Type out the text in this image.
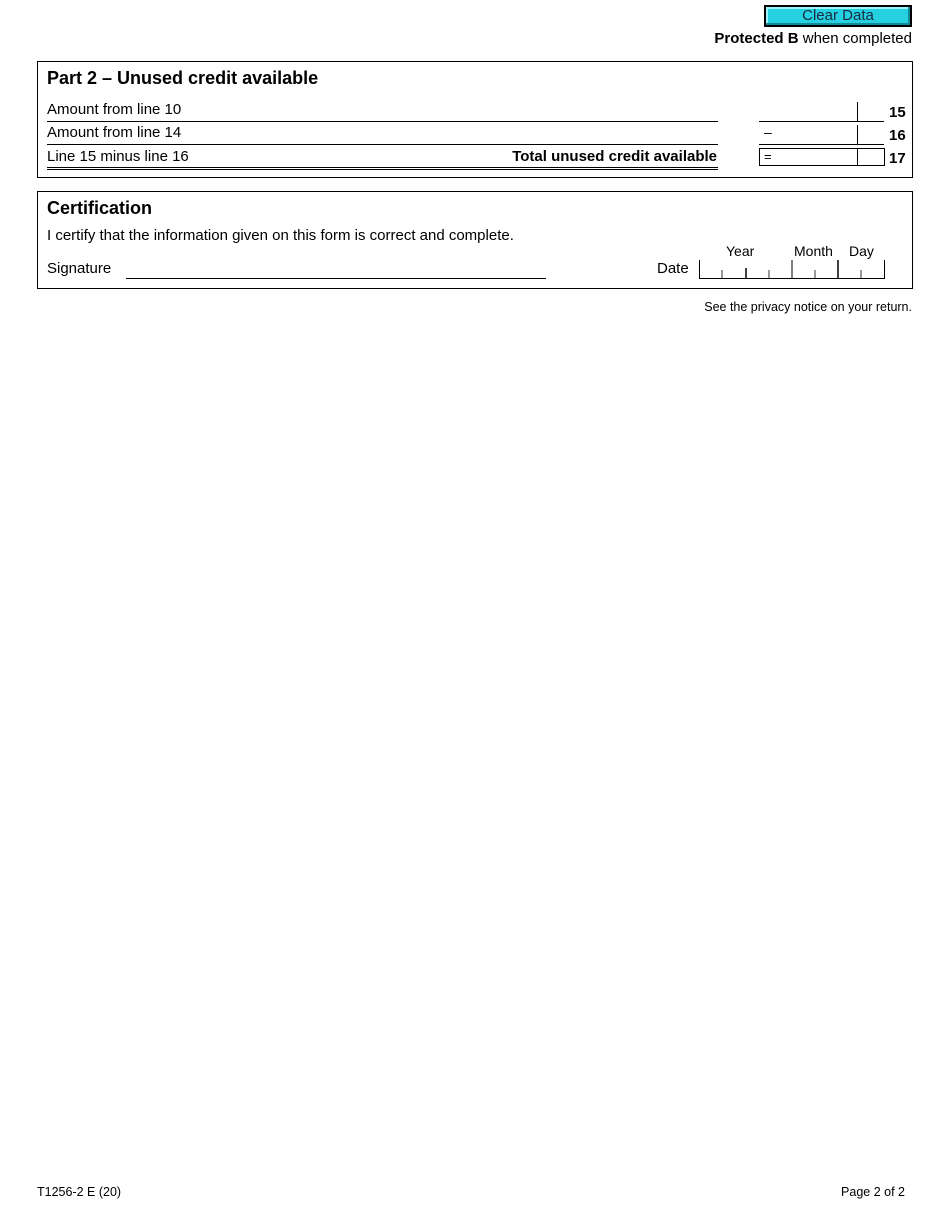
Clear Data
Protected B when completed
Part 2 – Unused credit available
Amount from line 10	15
Amount from line 14	–	16
Line 15 minus line 16	Total unused credit available	=	17
Certification
I certify that the information given on this form is correct and complete.
Signature	Date
Year	Month Day
See the privacy notice on your return.
T1256-2 E (20)	Page 2 of 2
